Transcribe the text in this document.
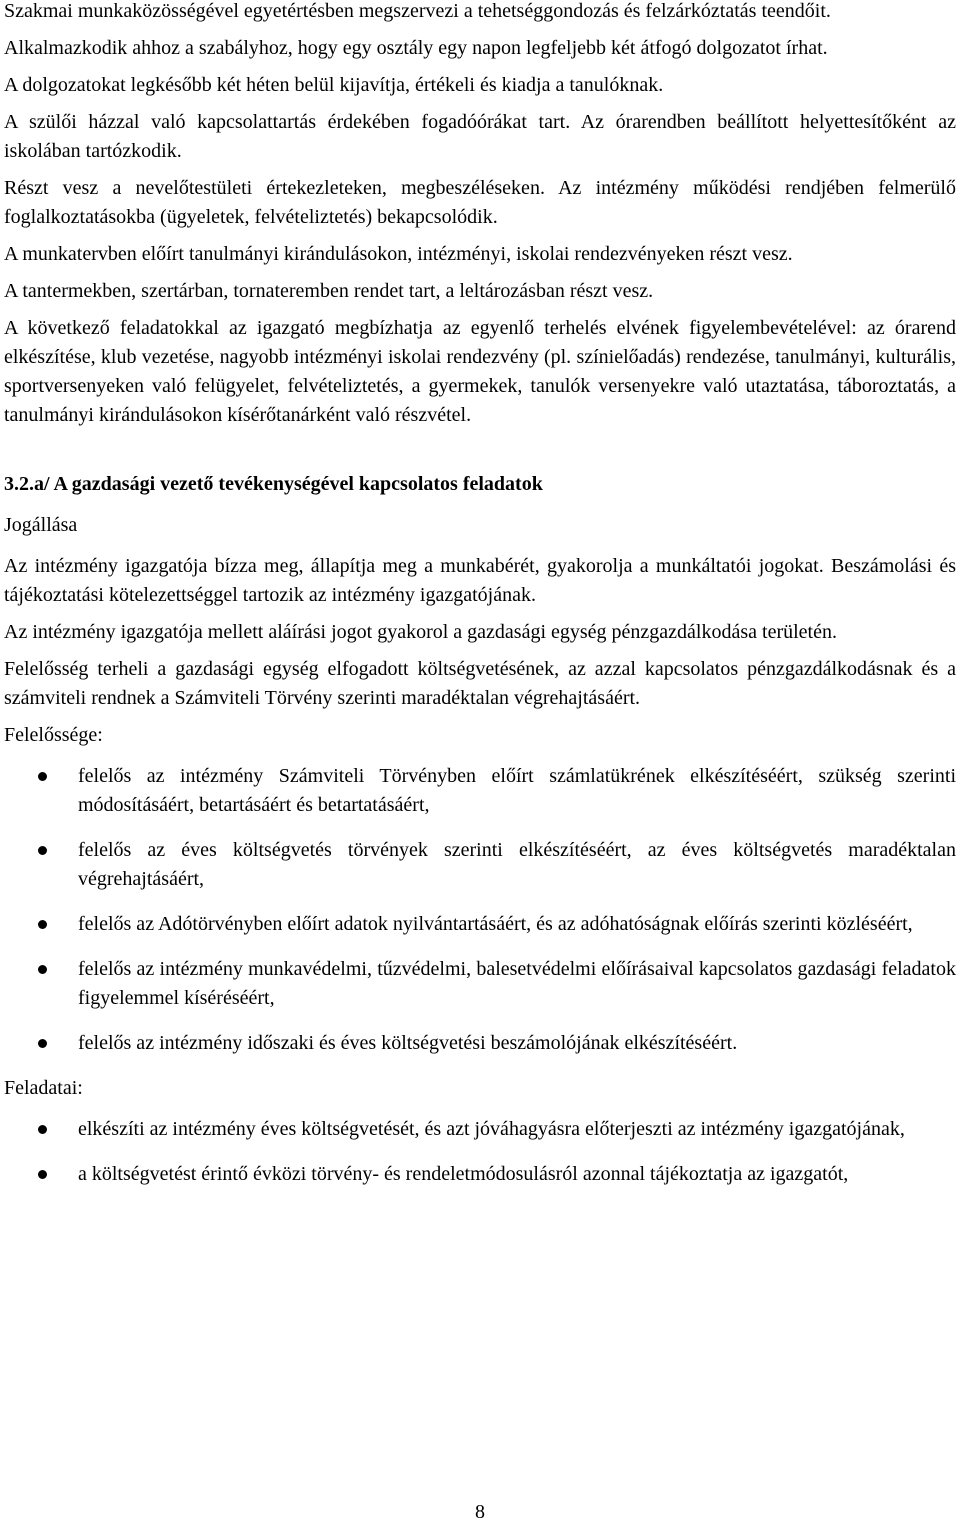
Szakmai munkaközösségével egyetértésben megszervezi a tehetséggondozás és felzárkóztatás teendőit.

Alkalmazkodik ahhoz a szabályhoz, hogy egy osztály egy napon legfeljebb két átfogó dolgozatot írhat.

A dolgozatokat legkésőbb két héten belül kijavítja, értékeli és kiadja a tanulóknak.

A szülői házzal való kapcsolattartás érdekében fogadóórákat tart. Az órarendben beállított helyettesítőként az iskolában tartózkodik.

Részt vesz a nevelőtestületi értekezleteken, megbeszéléseken. Az intézmény működési rendjében felmerülő foglalkoztatásokba (ügyeletek, felvételiztetés) bekapcsolódik.

A munkatervben előírt tanulmányi kirándulásokon, intézményi, iskolai rendezvényeken részt vesz.

A tantermekben, szertárban, tornateremben rendet tart, a leltározásban részt vesz.

A következő feladatokkal az igazgató megbízhatja az egyenlő terhelés elvének figyelembevételével: az órarend elkészítése, klub vezetése, nagyobb intézményi iskolai rendezvény (pl. színielőadás) rendezése, tanulmányi, kulturális, sportversenyeken való felügyelet, felvételiztetés, a gyermekek, tanulók versenyekre való utaztatása, táboroztatás, a tanulmányi kirándulásokon kísérőtanárként való részvétel.

3.2.a/ A gazdasági vezető tevékenységével kapcsolatos feladatok
Jogállása

Az intézmény igazgatója bízza meg, állapítja meg a munkabérét, gyakorolja a munkáltatói jogokat. Beszámolási és tájékoztatási kötelezettséggel tartozik az intézmény igazgatójának.

Az intézmény igazgatója mellett aláírási jogot gyakorol a gazdasági egység pénzgazdálkodása területén.

Felelősség terheli a gazdasági egység elfogadott költségvetésének, az azzal kapcsolatos pénzgazdálkodásnak és a számviteli rendnek a Számviteli Törvény szerinti maradéktalan végrehajtásáért.

Felelőssége:
felelős az intézmény Számviteli Törvényben előírt számlatükrének elkészítéséért, szükség szerinti módosításáért, betartásáért és betartatásáért,
felelős az éves költségvetés törvények szerinti elkészítéséért, az éves költségvetés maradéktalan végrehajtásáért,
felelős az Adótörvényben előírt adatok nyilvántartásáért, és az adóhatóságnak előírás szerinti közléséért,
felelős az intézmény munkavédelmi, tűzvédelmi, balesetvédelmi előírásaival kapcsolatos gazdasági feladatok figyelemmel kíséréséért,
felelős az intézmény időszaki és éves költségvetési beszámolójának elkészítéséért.
Feladatai:
elkészíti az intézmény éves költségvetését, és azt jóváhagyásra előterjeszti az intézmény igazgatójának,
a költségvetést érintő évközi törvény- és rendeletmódosulásról azonnal tájékoztatja az igazgatót,
8
